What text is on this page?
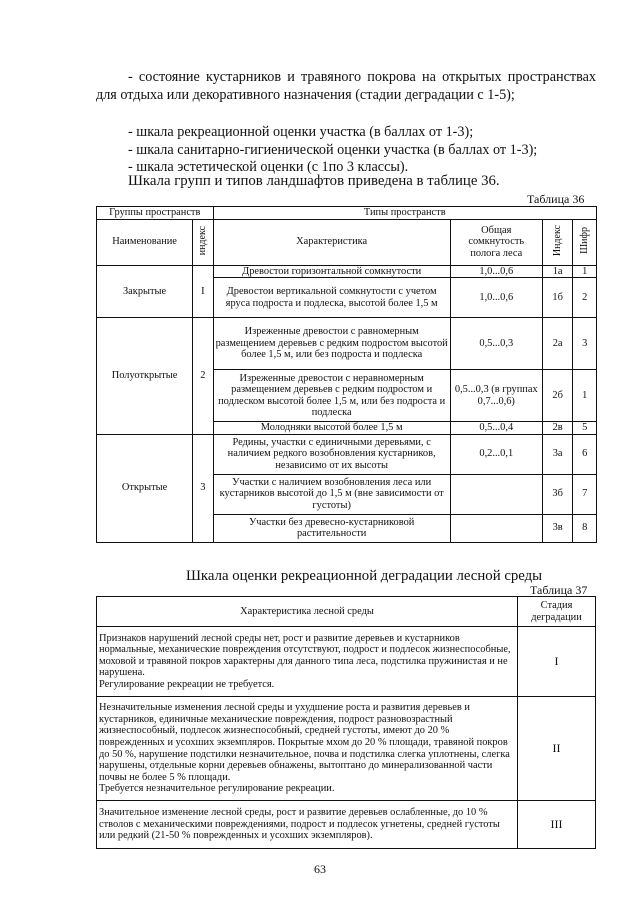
- состояние кустарников и травяного покрова на открытых пространствах для отдыха или декоративного назначения (стадии деградации с 1-5);
- шкала рекреационной оценки участка (в баллах от 1-3);
- шкала санитарно-гигиенической оценки участка (в баллах от 1-3);
- шкала эстетической оценки (с 1по 3 классы).
Шкала групп и типов ландшафтов приведена в таблице 36.
Таблица 36
Группы пространств		Типы пространств			
Наименование	индекс	Характеристика	Общая сомкнутость полога леса	Индекс	Шифр
Закрытые	I	Древостои горизонтальной сомкнутости	1,0...0,6	1а	1
		Древостои вертикальной сомкнутости с учетом яруса подроста и подлеска, высотой более 1,5 м	1,0...0,6	1б	2
Полуоткрытые	2	Изреженные древостои с равномерным размещением деревьев с редким подростом высотой более 1,5 м, или без подроста и подлеска	0,5...0,3	2а	3
		Изреженные древостои с неравномерным размещением деревьев с редким подростом и подлеском высотой более 1,5 м, или без подроста и подлеска	0,5...0,3 (в группах 0,7...0,6)	2б	1
		Молодняки высотой более 1,5 м	0,5...0,4	2в	5
Открытые	3	Редины, участки с единичными деревьями, с наличием редкого возобновления кустарников, независимо от их высоты	0,2...0,1	3а	6
		Участки с наличием возобновления леса или кустарников высотой до 1,5 м (вне зависимости от густоты)		3б	7
		Участки без древесно-кустарниковой растительности		3в	8
Шкала оценки рекреационной деградации лесной среды
Таблица 37
Характеристика лесной среды	Стадия деградации

Признаков нарушений лесной среды нет, рост и развитие деревьев и кустарников нормальные, механические повреждения отсутствуют, подрост и подлесок жизнеспособные, моховой и травяной покров характерны для данного типа леса, подстилка пружинистая и не нарушена.
Регулирование рекреации не требуется.	I

Незначительные изменения лесной среды и ухудшение роста и развития деревьев и кустарников, единичные механические повреждения, подрост разновозрастный жизнеспособный, подлесок жизнеспособный, средней густоты, имеют до 20 % поврежденных и усохших экземпляров. Покрытые мхом до 20 % площади, травяной покров до 50 %, нарушение подстилки незначительное, почва и подстилка слегка уплотнены, слегка нарушены, отдельные корни деревьев обнажены, вытоптано до минерализованной части почвы не более 5 % площади.
Требуется незначительное регулирование рекреации.	II

Значительное изменение лесной среды, рост и развитие деревьев ослабленные, до 10 % стволов с механическими повреждениями, подрост и подлесок угнетены, средней густоты или редкий (21-50 % поврежденных и усохших экземпляров).	III
63
